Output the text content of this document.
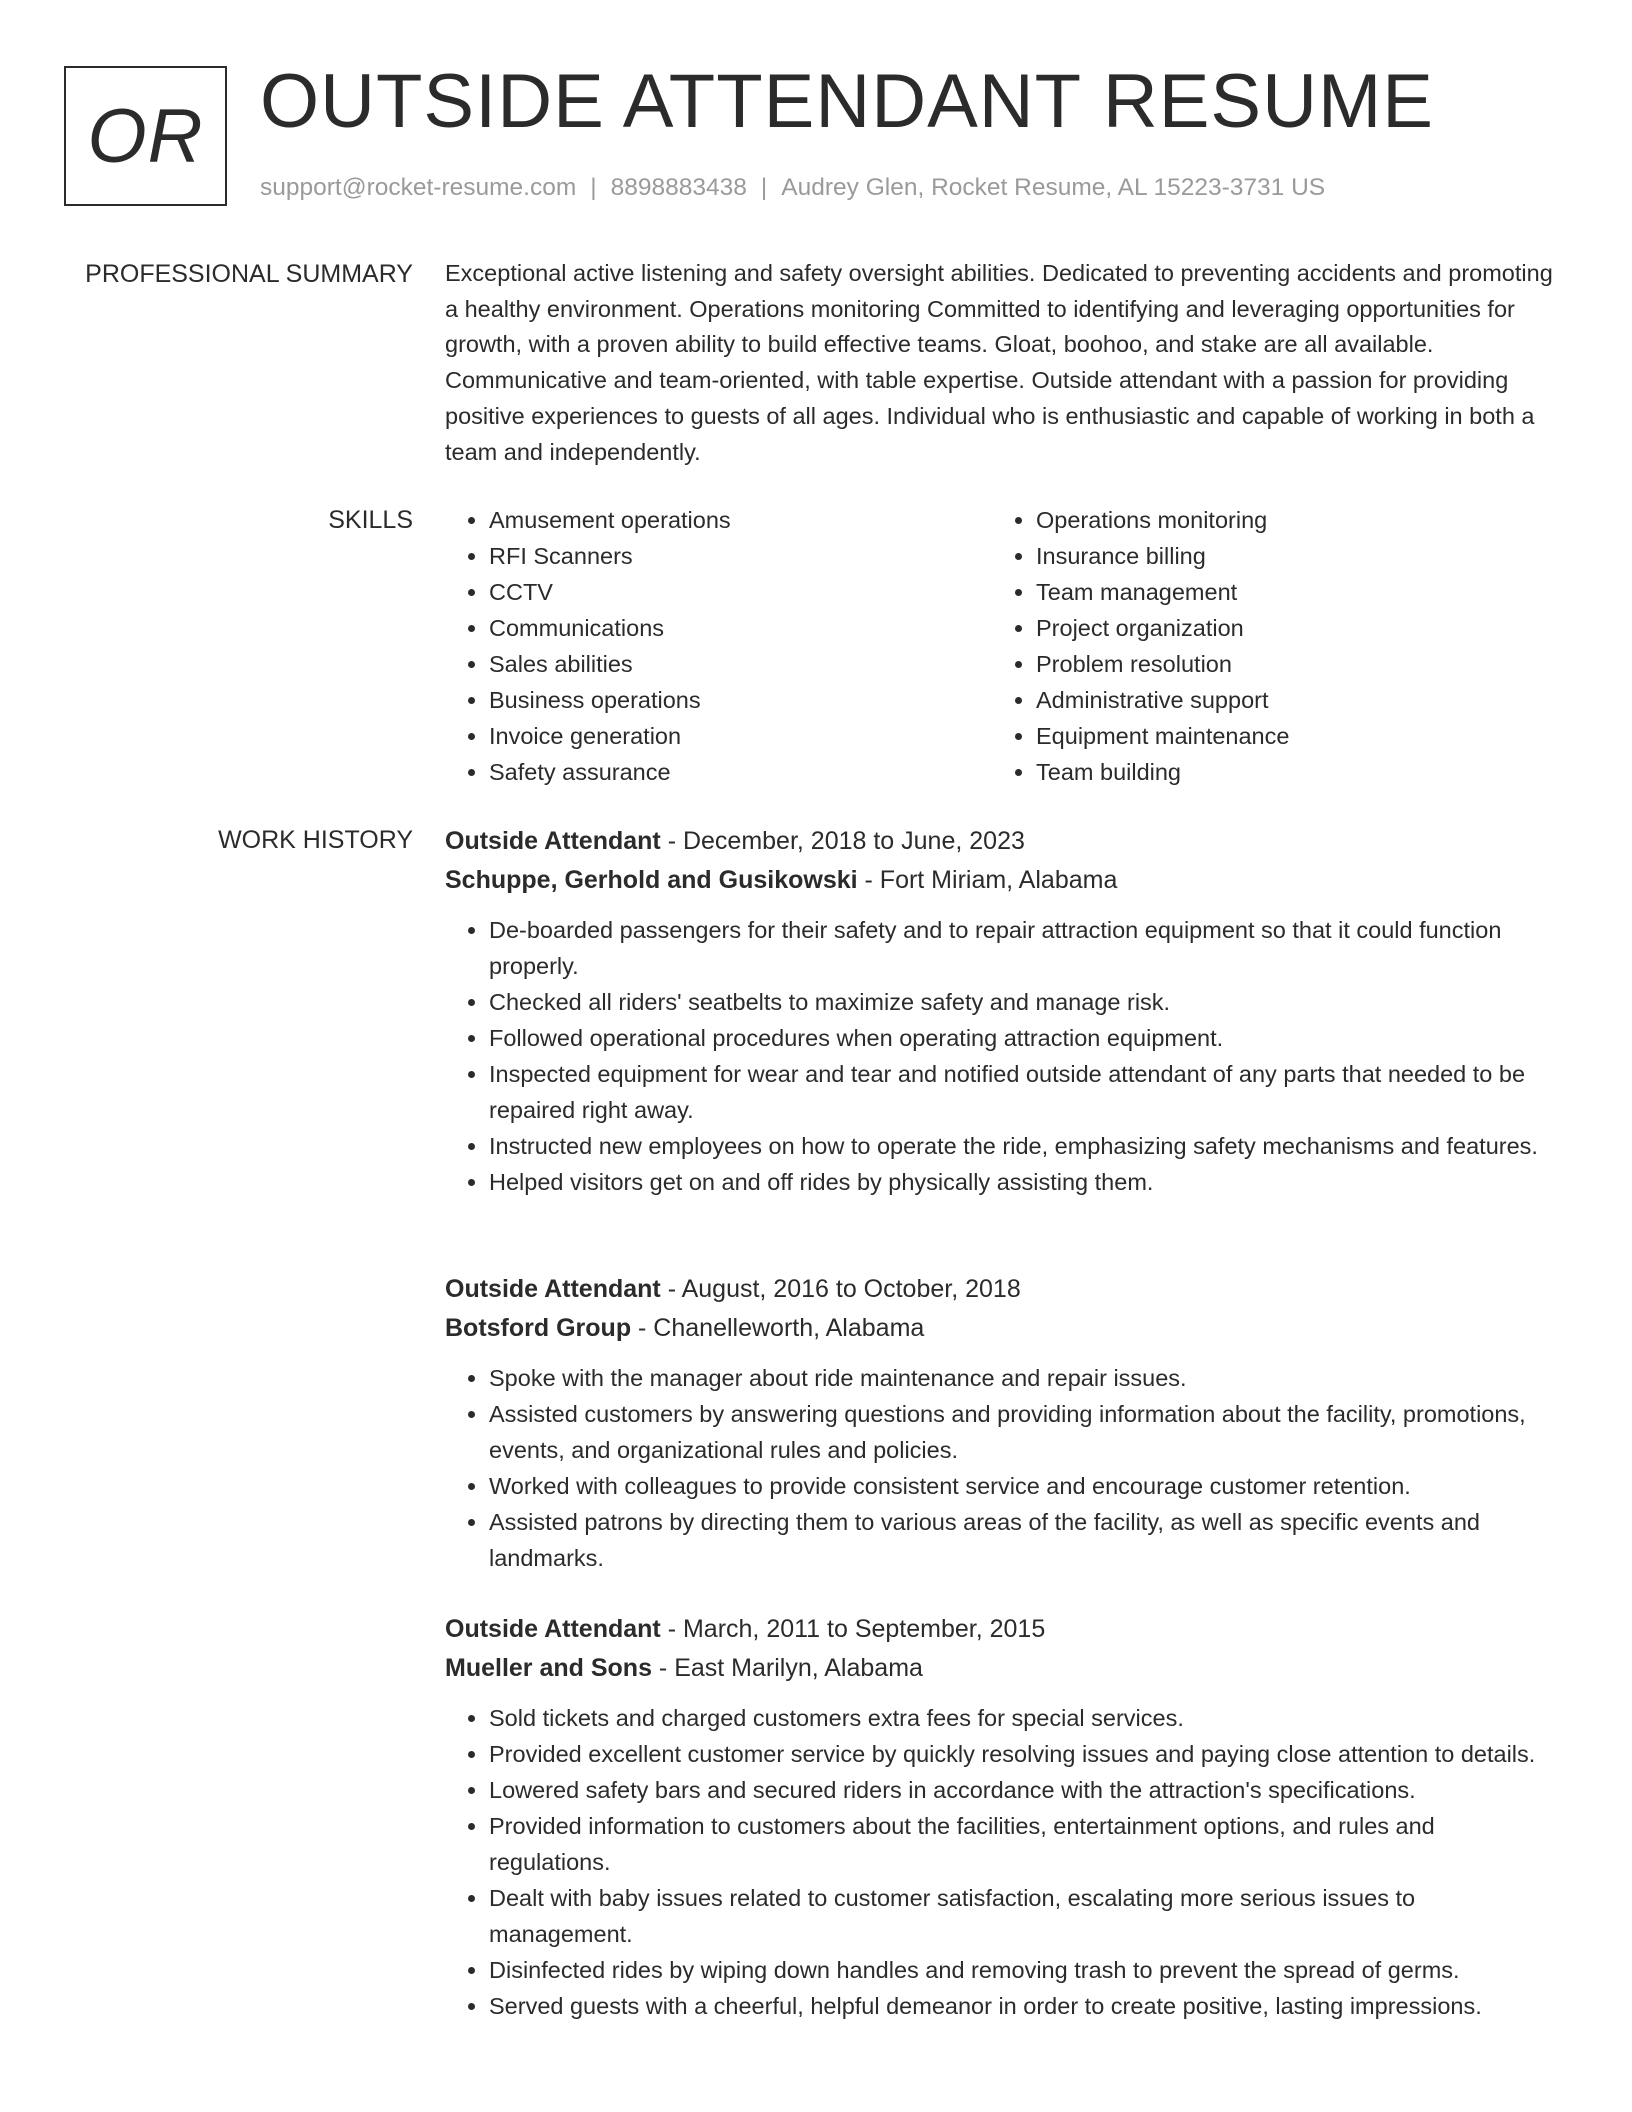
OR OUTSIDE ATTENDANT RESUME
support@rocket-resume.com | 8898883438 | Audrey Glen, Rocket Resume, AL 15223-3731 US
PROFESSIONAL SUMMARY Exceptional active listening and safety oversight abilities. Dedicated to preventing accidents and promoting a healthy environment. Operations monitoring Committed to identifying and leveraging opportunities for growth, with a proven ability to build effective teams. Gloat, boohoo, and stake are all available. Communicative and team-oriented, with table expertise. Outside attendant with a passion for providing positive experiences to guests of all ages. Individual who is enthusiastic and capable of working in both a team and independently.

SKILLS
•	Amusement operations
• RFI Scanners
• CCTV
• Communications
• Sales abilities
• Business operations
• Invoice generation
• Safety assurance
• Operations monitoring
• Insurance billing
• Team management
• Project organization
• Problem resolution
• Administrative support
• Equipment maintenance
• Team building
WORK HISTORY Outside Attendant - December, 2018 to June, 2023
Schuppe, Gerhold and Gusikowski - Fort Miriam, Alabama
• De-boarded passengers for their safety and to repair attraction equipment so that it could function properly.
• Checked all riders' seatbelts to maximize safety and manage risk.
• Followed operational procedures when operating attraction equipment.
• Inspected equipment for wear and tear and notified outside attendant of any parts that needed to be repaired right away.
• Instructed new employees on how to operate the ride, emphasizing safety mechanisms and features.
• Helped visitors get on and off rides by physically assisting them.
Outside Attendant - August, 2016 to October, 2018
Botsford Group - Chanelleworth, Alabama
• Spoke with the manager about ride maintenance and repair issues.
• Assisted customers by answering questions and providing information about the facility, promotions, events, and organizational rules and policies.
• Worked with colleagues to provide consistent service and encourage customer retention.
• Assisted patrons by directing them to various areas of the facility, as well as specific events and landmarks.
Outside Attendant - March, 2011 to September, 2015
Mueller and Sons - East Marilyn, Alabama
• Sold tickets and charged customers extra fees for special services.
• Provided excellent customer service by quickly resolving issues and paying close attention to details.
• Lowered safety bars and secured riders in accordance with the attraction's specifications.
• Provided information to customers about the facilities, entertainment options, and rules and regulations.
• Dealt with baby issues related to customer satisfaction, escalating more serious issues to management.
• Disinfected rides by wiping down handles and removing trash to prevent the spread of germs.
• Served guests with a cheerful, helpful demeanor in order to create positive, lasting impressions.
